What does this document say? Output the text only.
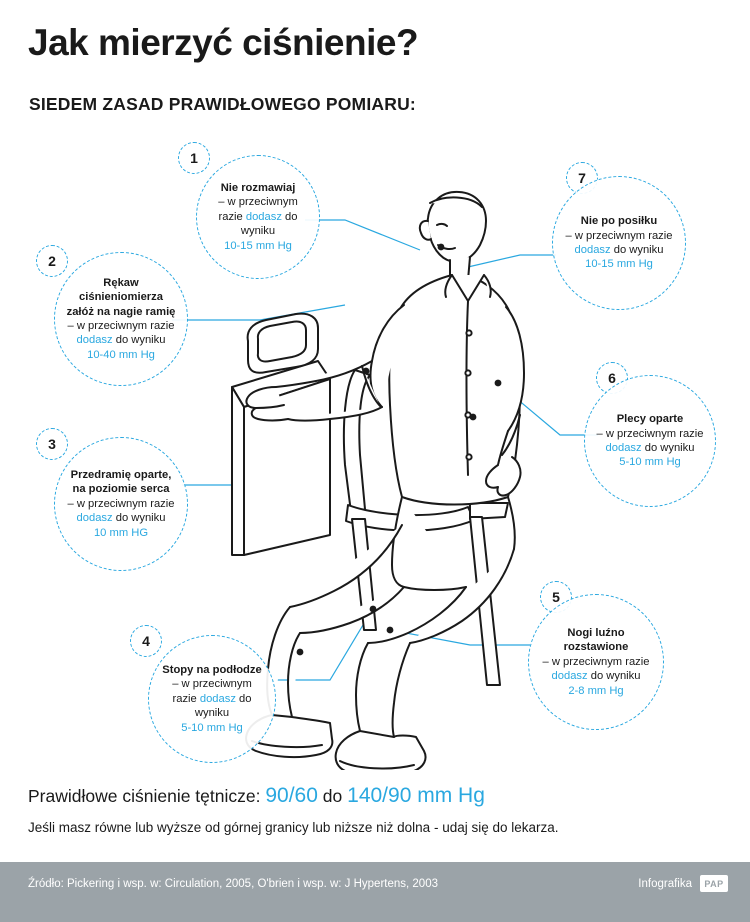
Jak mierzyć ciśnienie?
SIEDEM ZASAD PRAWIDŁOWEGO POMIARU:
1
Nie rozmawiaj
– w przeciwnym razie dodasz do wyniku
10-15 mm Hg
2
Rękaw ciśnieniomierza załóż na nagie ramię
– w przeciwnym razie dodasz do wyniku
10-40 mm Hg
3
Przedramię oparte, na poziomie serca
– w przeciwnym razie dodasz do wyniku
10 mm HG
4
Stopy na podłodze
– w przeciwnym razie dodasz do wyniku
5-10 mm Hg
5
Nogi luźno rozstawione
– w przeciwnym razie dodasz do wyniku
2-8 mm Hg
6
Plecy oparte
– w przeciwnym razie dodasz do wyniku
5-10 mm Hg
7
Nie po posiłku
– w przeciwnym razie dodasz do wyniku
10-15 mm Hg
Prawidłowe ciśnienie tętnicze: 90/60 do 140/90 mm Hg
Jeśli masz równe lub wyższe od górnej granicy lub niższe niż dolna - udaj się do lekarza.
Źródło: Pickering i wsp. w: Circulation, 2005, O'brien i wsp. w: J Hypertens, 2003	Infografika	PAP
